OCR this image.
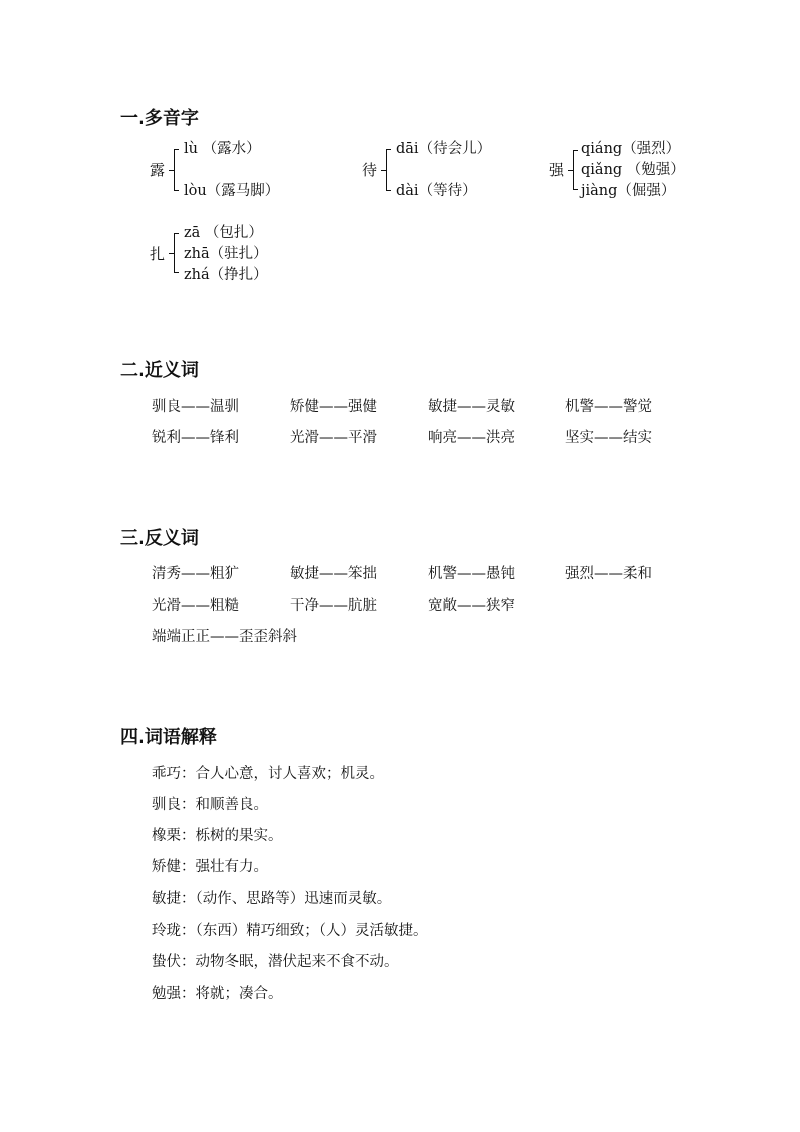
一.多音字
露
lù （露水）
lòu（露马脚）
待
dāi（待会儿）
dài（等待）
强
qiáng（强烈）
qiǎng （勉强）
jiàng（倔强）
扎
zā （包扎）
zhā（驻扎）
zhá（挣扎）
二.近义词
驯良——温驯	矫健——强健	敏捷——灵敏	机警——警觉
锐利——锋利	光滑——平滑	响亮——洪亮	坚实——结实
三.反义词
清秀——粗犷	敏捷——笨拙	机警——愚钝	强烈——柔和
光滑——粗糙	干净——肮脏	宽敞——狭窄
端端正正——歪歪斜斜
四.词语解释
乖巧：合人心意，讨人喜欢；机灵。
驯良：和顺善良。
橡栗：栎树的果实。
矫健：强壮有力。
敏捷：（动作、思路等）迅速而灵敏。
玲珑：（东西）精巧细致；（人）灵活敏捷。
蛰伏：动物冬眠，潜伏起来不食不动。
勉强：将就；凑合。
